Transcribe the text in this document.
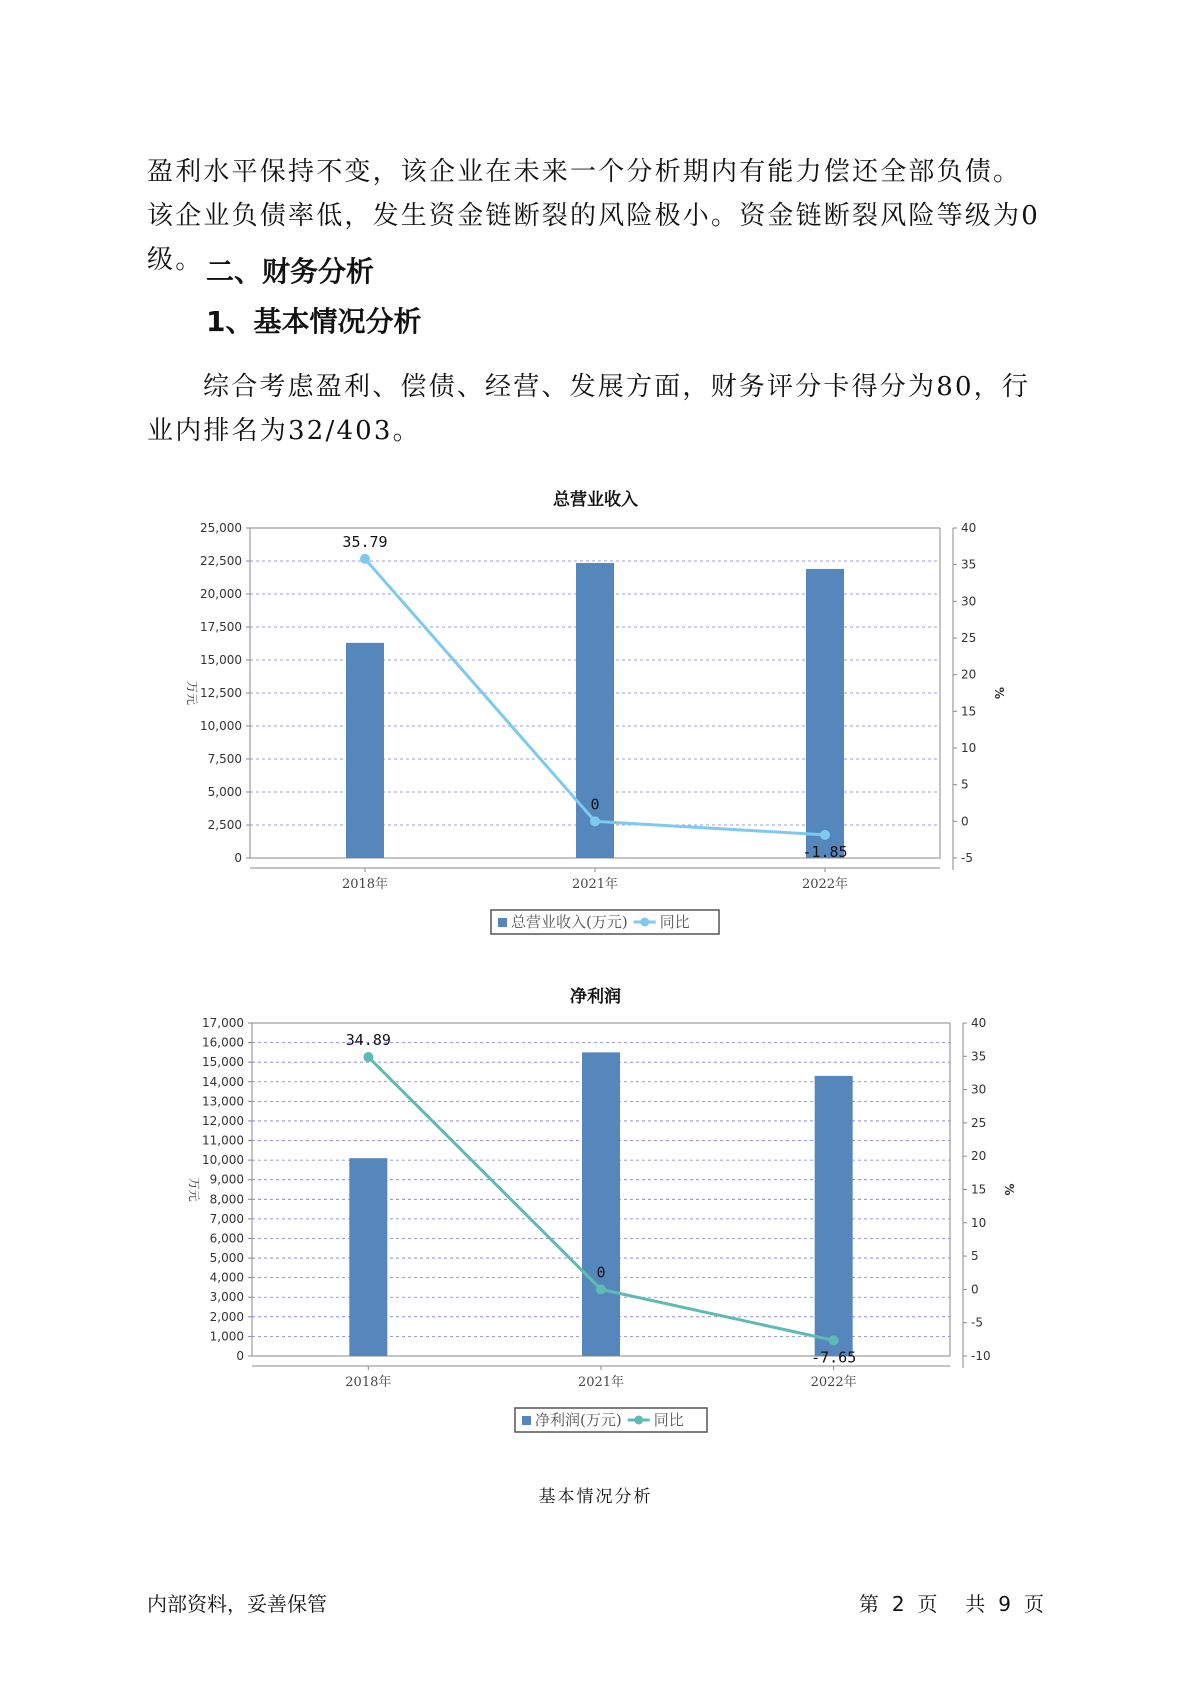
盈利水平保持不变，该企业在未来一个分析期内有能力偿还全部负债。该企业负债率低，发生资金链断裂的风险极小。资金链断裂风险等级为0级。 二、财务分析
1、基本情况分析

综合考虑盈利、偿债、经营、发展方面，财务评分卡得分为80，行业内排名为32/403。

总营业收入
0
2,500
5,000
7,500
10,000
12,500
15,000
17,500
20,000
22,500
25,000
-5
0
5
10
15
20
25
30
35
40
万元	%
2018年	2021年	2022年
35.79
0
-1.85
总营业收入(万元) 同比
净利润
0
1,000
2,000
3,000
4,000
5,000
6,000
7,000
8,000
9,000
10,000
11,000
12,000
13,000
14,000
15,000
16,000
17,000
-10
-5
0
5
10
15
20
25
30
35
40
万元	%
2018年	2021年	2022年
34.89
0
-7.65
净利润(万元) 同比
基本情况分析
内部资料，妥善保管	第 2 页 共 9 页
